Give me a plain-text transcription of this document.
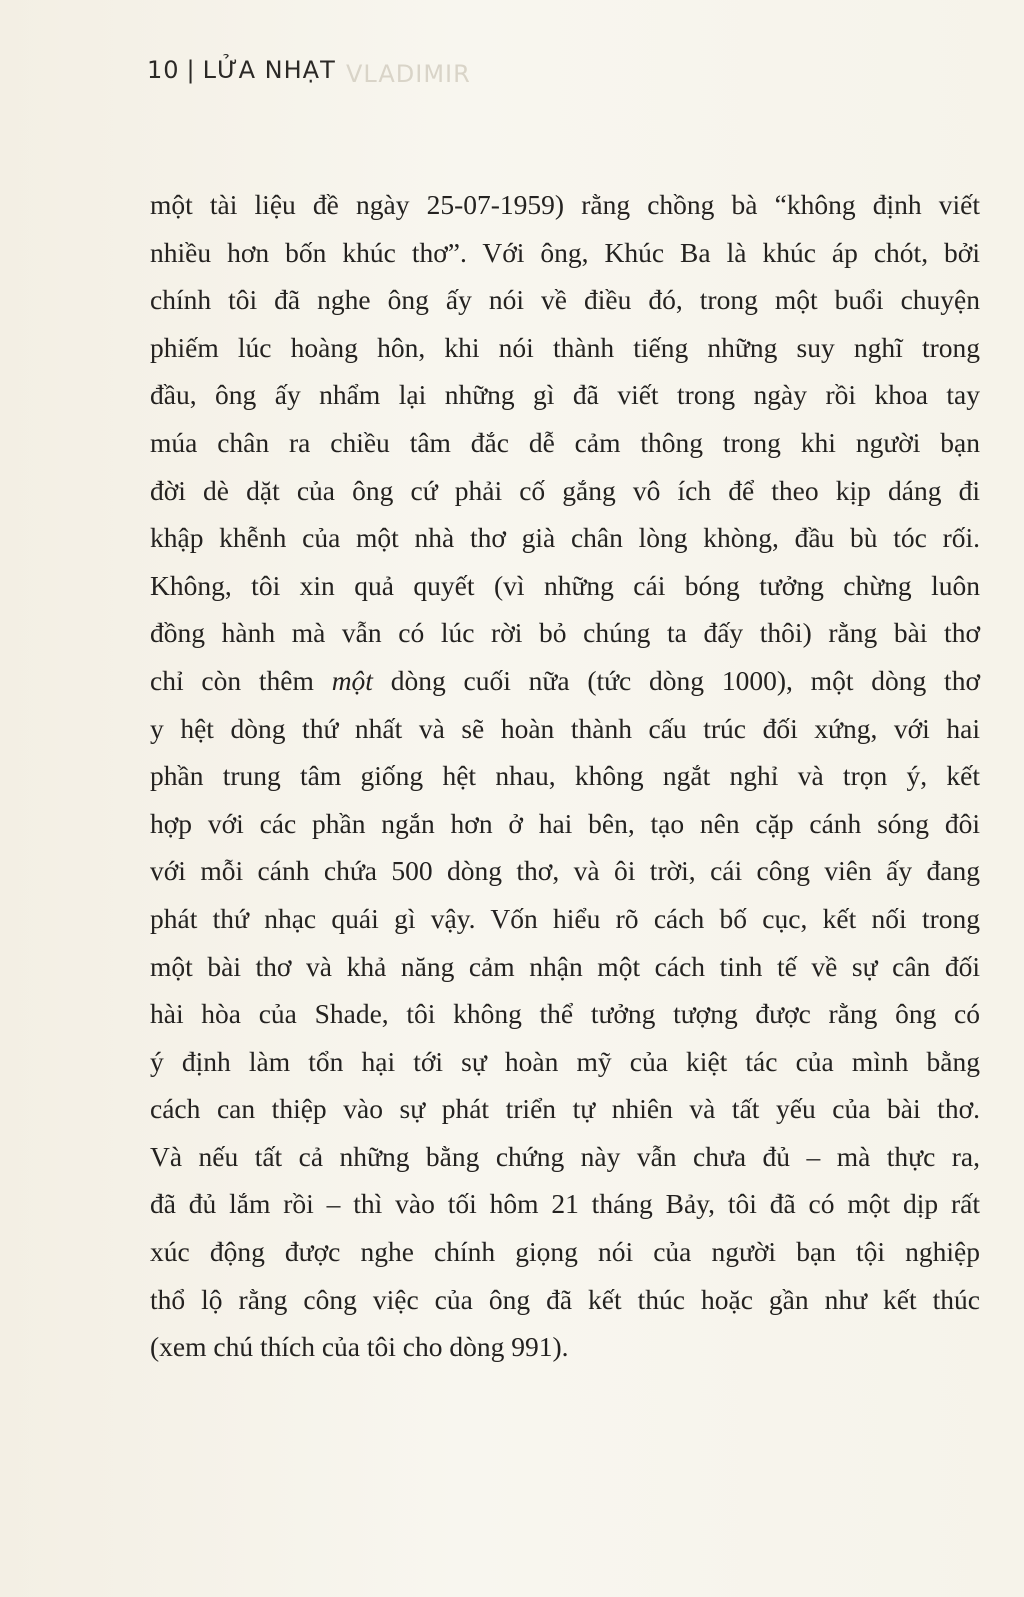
10 | LỬA NHẠT VLADIMIR
một tài liệu đề ngày 25-07-1959) rằng chồng bà “không định viết
nhiều hơn bốn khúc thơ”. Với ông, Khúc Ba là khúc áp chót, bởi
chính tôi đã nghe ông ấy nói về điều đó, trong một buổi chuyện
phiếm lúc hoàng hôn, khi nói thành tiếng những suy nghĩ trong
đầu, ông ấy nhẩm lại những gì đã viết trong ngày rồi khoa tay
múa chân ra chiều tâm đắc dễ cảm thông trong khi người bạn
đời dè dặt của ông cứ phải cố gắng vô ích để theo kịp dáng đi
khập khễnh của một nhà thơ già chân lòng khòng, đầu bù tóc rối.
Không, tôi xin quả quyết (vì những cái bóng tưởng chừng luôn
đồng hành mà vẫn có lúc rời bỏ chúng ta đấy thôi) rằng bài thơ
chỉ còn thêm một dòng cuối nữa (tức dòng 1000), một dòng thơ
y hệt dòng thứ nhất và sẽ hoàn thành cấu trúc đối xứng, với hai
phần trung tâm giống hệt nhau, không ngắt nghỉ và trọn ý, kết
hợp với các phần ngắn hơn ở hai bên, tạo nên cặp cánh sóng đôi
với mỗi cánh chứa 500 dòng thơ, và ôi trời, cái công viên ấy đang
phát thứ nhạc quái gì vậy. Vốn hiểu rõ cách bố cục, kết nối trong
một bài thơ và khả năng cảm nhận một cách tinh tế về sự cân đối
hài hòa của Shade, tôi không thể tưởng tượng được rằng ông có
ý định làm tổn hại tới sự hoàn mỹ của kiệt tác của mình bằng
cách can thiệp vào sự phát triển tự nhiên và tất yếu của bài thơ.
Và nếu tất cả những bằng chứng này vẫn chưa đủ – mà thực ra,
đã đủ lắm rồi – thì vào tối hôm 21 tháng Bảy, tôi đã có một dịp rất
xúc động được nghe chính giọng nói của người bạn tội nghiệp
thổ lộ rằng công việc của ông đã kết thúc hoặc gần như kết thúc
(xem chú thích của tôi cho dòng 991).
